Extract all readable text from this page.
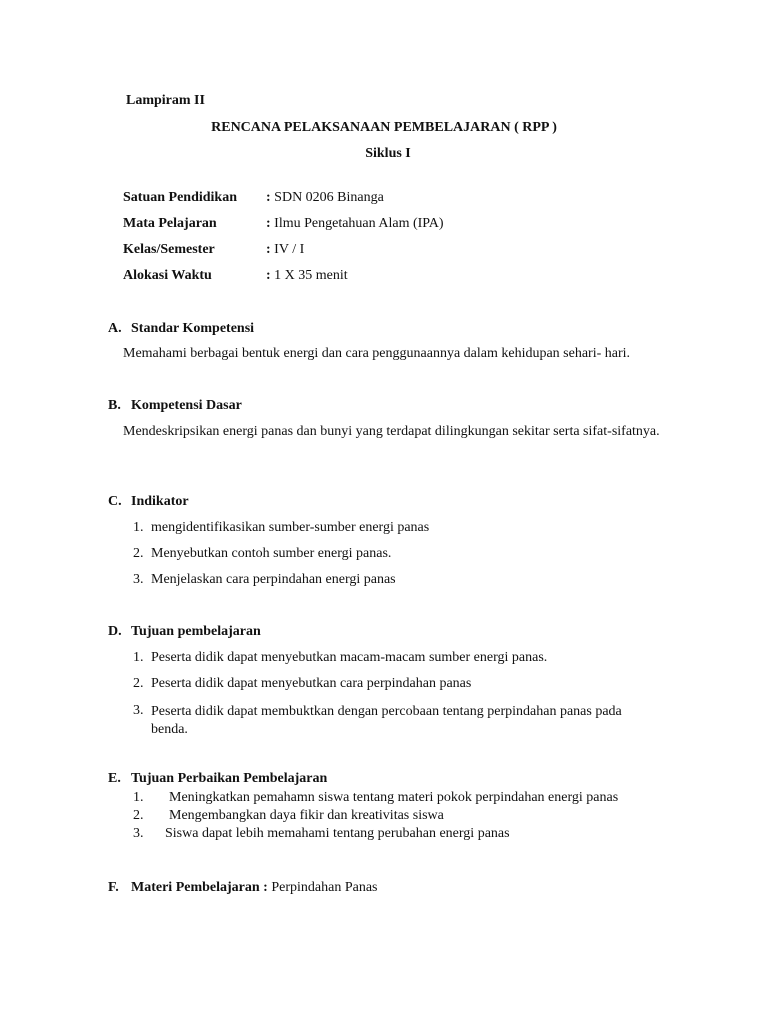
Lampiram II
RENCANA PELAKSANAAN PEMBELAJARAN ( RPP )
Siklus I
Satuan Pendidikan : SDN 0206 Binanga
Mata Pelajaran	: Ilmu Pengetahuan Alam (IPA)
Kelas/Semester	: IV / I
Alokasi Waktu	: 1 X 35 menit
A. Standar Kompetensi
Memahami berbagai bentuk energi dan cara penggunaannya dalam kehidupan sehari- hari.
B. Kompetensi Dasar
Mendeskripsikan energi panas dan bunyi yang terdapat dilingkungan sekitar serta sifat-sifatnya.
C. Indikator
1. mengidentifikasikan sumber-sumber energi panas
2. Menyebutkan contoh sumber energi panas.
3. Menjelaskan cara perpindahan energi panas
D. Tujuan pembelajaran
1. Peserta didik dapat menyebutkan macam-macam sumber energi panas.
2. Peserta didik dapat menyebutkan cara perpindahan panas
3. Peserta didik dapat membuktkan dengan percobaan tentang perpindahan panas pada benda.
E. Tujuan Perbaikan Pembelajaran
1. Meningkatkan pemahamn siswa tentang materi pokok perpindahan energi panas
2. Mengembangkan daya fikir dan kreativitas siswa
3. Siswa dapat lebih memahami tentang perubahan energi panas
F. Materi Pembelajaran : Perpindahan Panas
